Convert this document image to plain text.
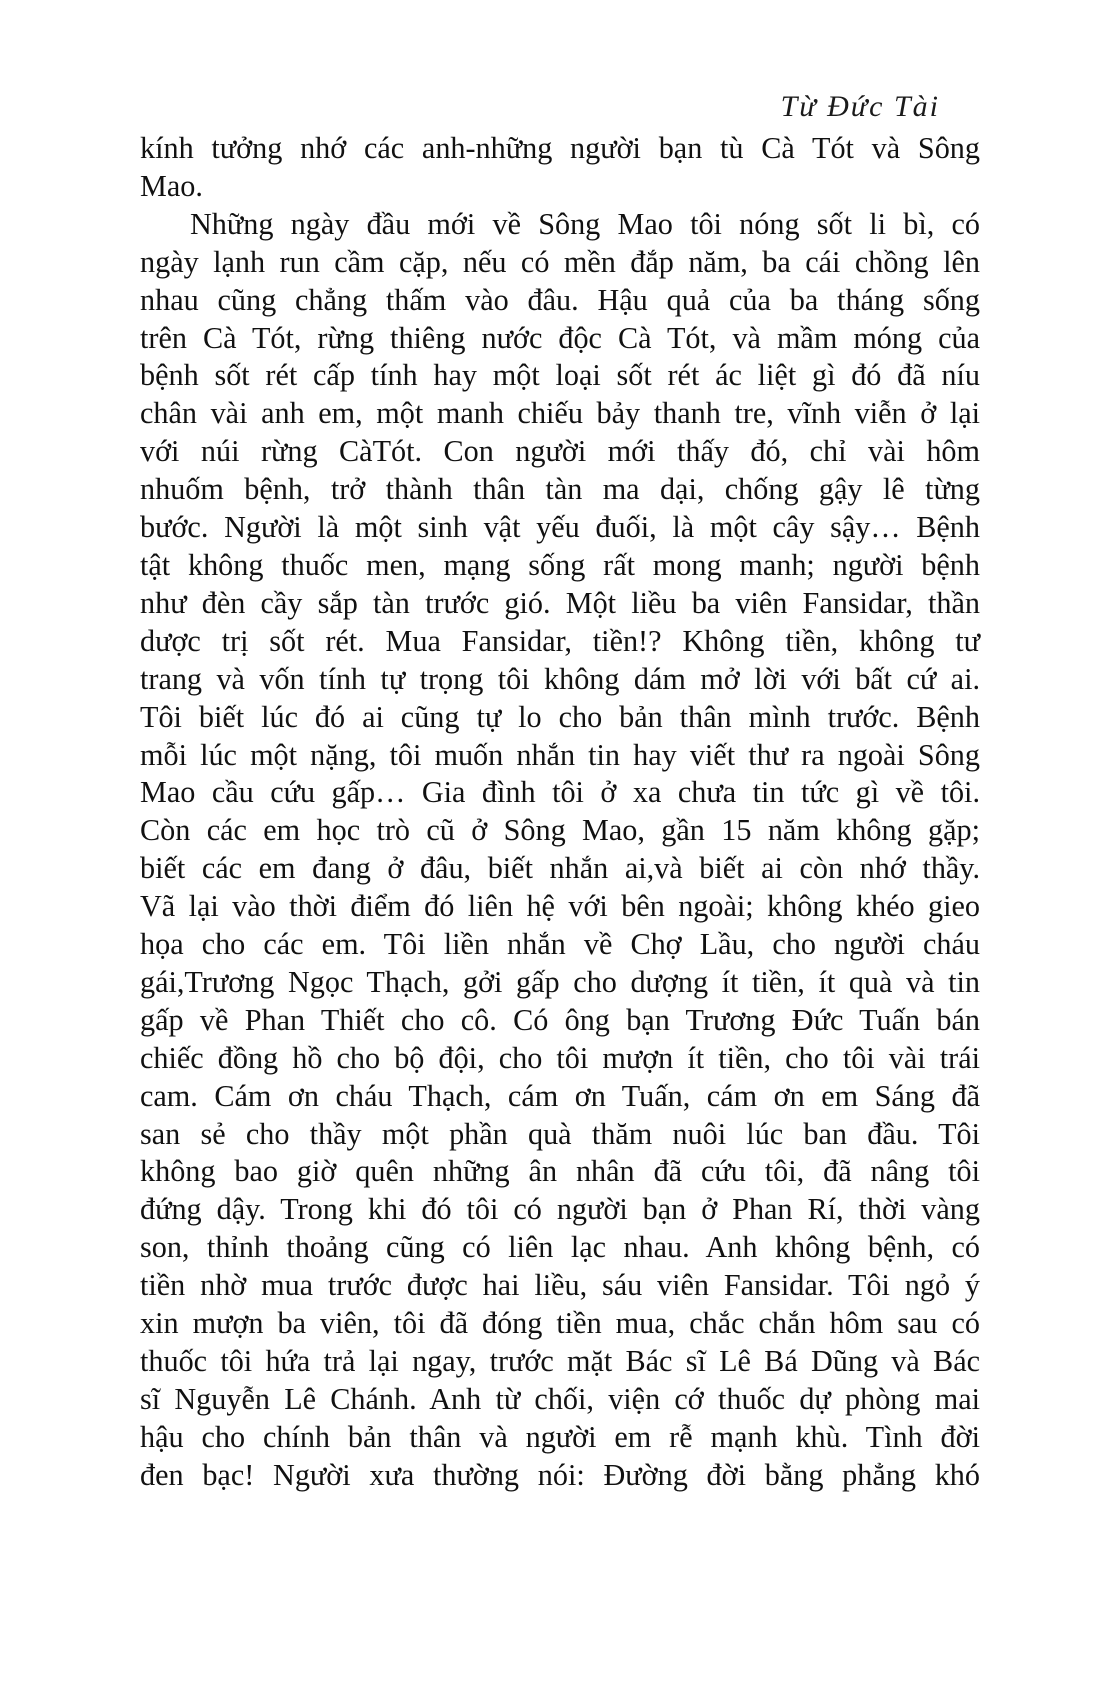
Từ Đức Tài

kính tưởng nhớ các anh-những người bạn tù Cà Tót và Sông
Mao.

Những ngày đầu mới về Sông Mao tôi nóng sốt li bì, có
ngày lạnh run cầm cặp, nếu có mền đắp năm, ba cái chồng lên
nhau cũng chẳng thấm vào đâu. Hậu quả của ba tháng sống
trên Cà Tót, rừng thiêng nước độc Cà Tót, và mầm móng của
bệnh sốt rét cấp tính hay một loại sốt rét ác liệt gì đó đã níu
chân vài anh em, một manh chiếu bảy thanh tre, vĩnh viễn ở lại
với núi rừng CàTót. Con người mới thấy đó, chỉ vài hôm
nhuốm bệnh, trở thành thân tàn ma dại, chống gậy lê từng
bước. Người là một sinh vật yếu đuối, là một cây sậy… Bệnh
tật không thuốc men, mạng sống rất mong manh; người bệnh
như đèn cầy sắp tàn trước gió. Một liều ba viên Fansidar, thần
dược trị sốt rét. Mua Fansidar, tiền!? Không tiền, không tư
trang và vốn tính tự trọng tôi không dám mở lời với bất cứ ai.
Tôi biết lúc đó ai cũng tự lo cho bản thân mình trước. Bệnh
mỗi lúc một nặng, tôi muốn nhắn tin hay viết thư ra ngoài Sông
Mao cầu cứu gấp… Gia đình tôi ở xa chưa tin tức gì về tôi.
Còn các em học trò cũ ở Sông Mao, gần 15 năm không gặp;
biết các em đang ở đâu, biết nhắn ai,và biết ai còn nhớ thầy.
Vã lại vào thời điểm đó liên hệ với bên ngoài; không khéo gieo
họa cho các em. Tôi liền nhắn về Chợ Lầu, cho người cháu
gái,Trương Ngọc Thạch, gởi gấp cho dượng ít tiền, ít quà và tin
gấp về Phan Thiết cho cô. Có ông bạn Trương Đức Tuấn bán
chiếc đồng hồ cho bộ đội, cho tôi mượn ít tiền, cho tôi vài trái
cam. Cám ơn cháu Thạch, cám ơn Tuấn, cám ơn em Sáng đã
san sẻ cho thầy một phần quà thăm nuôi lúc ban đầu. Tôi
không bao giờ quên những ân nhân đã cứu tôi, đã nâng tôi
đứng dậy. Trong khi đó tôi có người bạn ở Phan Rí, thời vàng
son, thỉnh thoảng cũng có liên lạc nhau. Anh không bệnh, có
tiền nhờ mua trước được hai liều, sáu viên Fansidar. Tôi ngỏ ý
xin mượn ba viên, tôi đã đóng tiền mua, chắc chắn hôm sau có
thuốc tôi hứa trả lại ngay, trước mặt Bác sĩ Lê Bá Dũng và Bác
sĩ Nguyễn Lê Chánh. Anh từ chối, viện cớ thuốc dự phòng mai
hậu cho chính bản thân và người em rễ mạnh khù. Tình đời
đen bạc! Người xưa thường nói: Đường đời bằng phẳng khó
